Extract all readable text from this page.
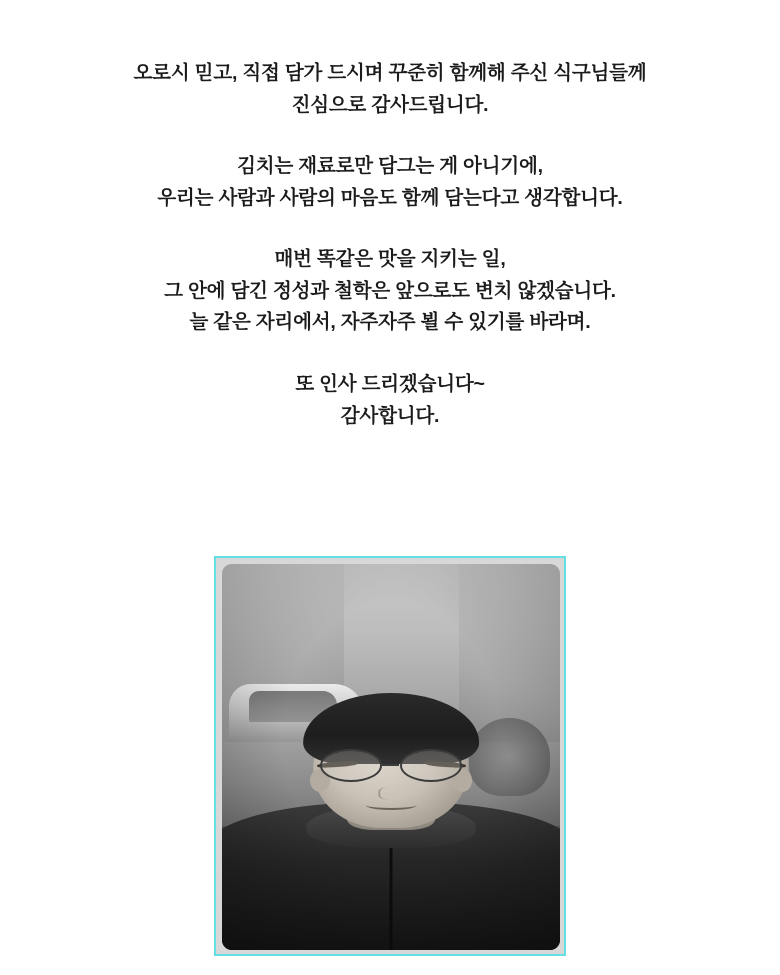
오로시 믿고, 직접 담가 드시며 꾸준히 함께해 주신 식구님들께
진심으로 감사드립니다.
김치는 재료로만 담그는 게 아니기에,
우리는 사람과 사람의 마음도 함께 담는다고 생각합니다.
매번 똑같은 맛을 지키는 일,
그 안에 담긴 정성과 철학은 앞으로도 변치 않겠습니다.
늘 같은 자리에서, 자주자주 뵐 수 있기를 바라며.
또 인사 드리겠습니다~
감사합니다.
